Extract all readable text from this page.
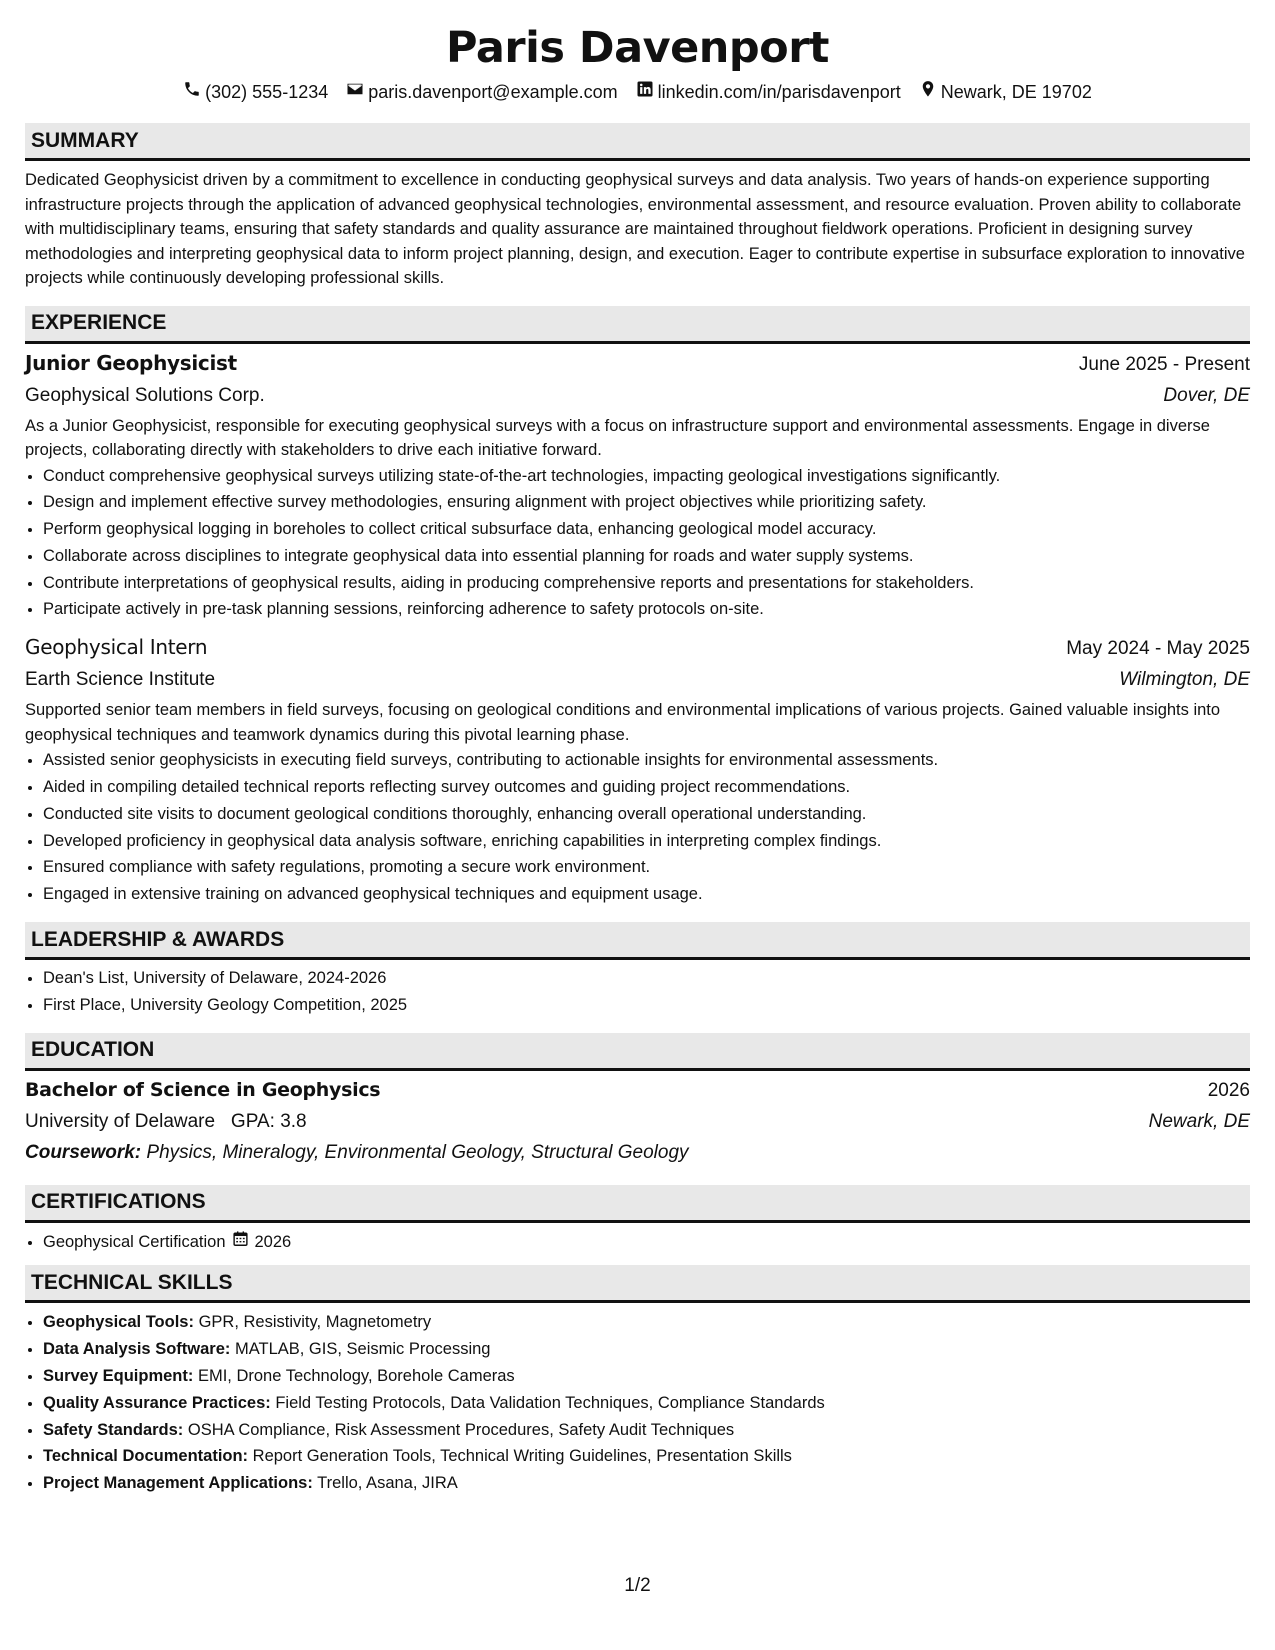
Paris Davenport
(302) 555-1234 paris.davenport@example.com linkedin.com/in/parisdavenport Newark, DE 19702
SUMMARY

Dedicated Geophysicist driven by a commitment to excellence in conducting geophysical surveys and data analysis. Two years of hands-on experience supporting infrastructure projects through the application of advanced geophysical technologies, environmental assessment, and resource evaluation. Proven ability to collaborate with multidisciplinary teams, ensuring that safety standards and quality assurance are maintained throughout fieldwork operations. Proficient in designing survey methodologies and interpreting geophysical data to inform project planning, design, and execution. Eager to contribute expertise in subsurface exploration to innovative projects while continuously developing professional skills.

EXPERIENCE
Junior Geophysicist	June 2025 - Present
Geophysical Solutions Corp.	Dover, DE

As a Junior Geophysicist, responsible for executing geophysical surveys with a focus on infrastructure support and environmental assessments. Engage in diverse projects, collaborating directly with stakeholders to drive each initiative forward.

• Conduct comprehensive geophysical surveys utilizing state-of-the-art technologies, impacting geological investigations significantly.
• Design and implement effective survey methodologies, ensuring alignment with project objectives while prioritizing safety.
• Perform geophysical logging in boreholes to collect critical subsurface data, enhancing geological model accuracy.
• Collaborate across disciplines to integrate geophysical data into essential planning for roads and water supply systems.
• Contribute interpretations of geophysical results, aiding in producing comprehensive reports and presentations for stakeholders.
• Participate actively in pre-task planning sessions, reinforcing adherence to safety protocols on-site.
Geophysical Intern	May 2024 - May 2025
Earth Science Institute	Wilmington, DE

Supported senior team members in field surveys, focusing on geological conditions and environmental implications of various projects. Gained valuable insights into geophysical techniques and teamwork dynamics during this pivotal learning phase.

• Assisted senior geophysicists in executing field surveys, contributing to actionable insights for environmental assessments.
• Aided in compiling detailed technical reports reflecting survey outcomes and guiding project recommendations.
• Conducted site visits to document geological conditions thoroughly, enhancing overall operational understanding.
• Developed proficiency in geophysical data analysis software, enriching capabilities in interpreting complex findings.
• Ensured compliance with safety regulations, promoting a secure work environment.
• Engaged in extensive training on advanced geophysical techniques and equipment usage.
LEADERSHIP & AWARDS
• Dean's List, University of Delaware, 2024-2026
• First Place, University Geology Competition, 2025
EDUCATION
Bachelor of Science in Geophysics	2026
University of Delaware GPA: 3.8	Newark, DE
Coursework: Physics, Mineralogy, Environmental Geology, Structural Geology
CERTIFICATIONS
• Geophysical Certification 2026
TECHNICAL SKILLS
• Geophysical Tools: GPR, Resistivity, Magnetometry
• Data Analysis Software: MATLAB, GIS, Seismic Processing
• Survey Equipment: EMI, Drone Technology, Borehole Cameras
• Quality Assurance Practices: Field Testing Protocols, Data Validation Techniques, Compliance Standards
• Safety Standards: OSHA Compliance, Risk Assessment Procedures, Safety Audit Techniques
• Technical Documentation: Report Generation Tools, Technical Writing Guidelines, Presentation Skills
• Project Management Applications: Trello, Asana, JIRA
1/2
